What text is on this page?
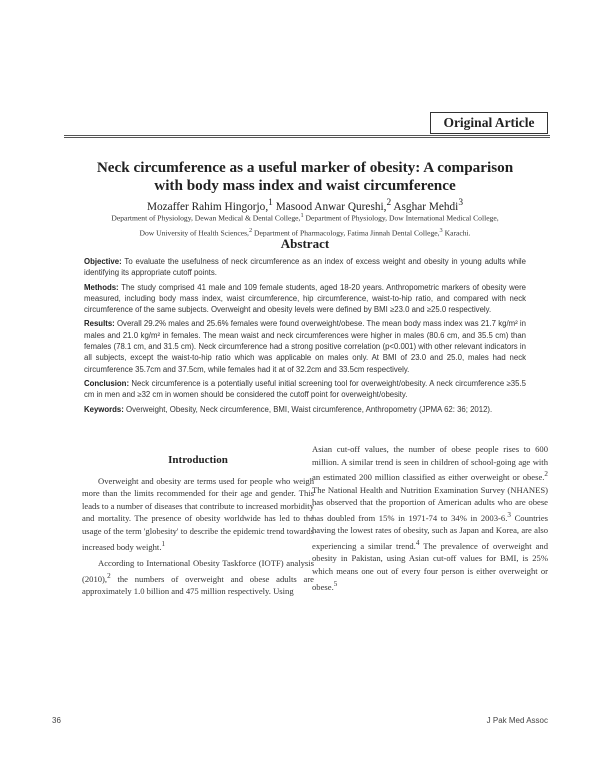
Original Article
Neck circumference as a useful marker of obesity: A comparison
with body mass index and waist circumference
Mozaffer Rahim Hingorjo,$^1$ Masood Anwar Qureshi,$^2$ Asghar Mehdi$^3$
Department of Physiology, Dewan Medical & Dental College,$^1$ Department of Physiology, Dow International Medical College,
Dow University of Health Sciences,$^2$ Department of Pharmacology, Fatima Jinnah Dental College,$^3$ Karachi.
Abstract

Objective: To evaluate the usefulness of neck circumference as an index of excess weight and obesity in young adults while identifying its appropriate cutoff points.

Methods: The study comprised 41 male and 109 female students, aged 18-20 years. Anthropometric markers of obesity were measured, including body mass index, waist circumference, hip circumference, waist-to-hip ratio, and compared with neck circumference of the same subjects. Overweight and obesity levels were defined by BMI ≥23.0 and ≥25.0 respectively.

Results: Overall 29.2% males and 25.6% females were found overweight/obese. The mean body mass index was 21.7 kg/m² in males and 21.0 kg/m² in females. The mean waist and neck circumferences were higher in males (80.6 cm, and 35.5 cm) than females (78.1 cm, and 31.5 cm). Neck circumference had a strong positive correlation (p<0.001) with other relevant indicators in all subjects, except the waist-to-hip ratio which was applicable on males only. At BMI of 23.0 and 25.0, males had neck circumference 35.7cm and 37.5cm, while females had it at of 32.2cm and 33.5cm respectively.

Conclusion: Neck circumference is a potentially useful initial screening tool for overweight/obesity. A neck circumference ≥35.5 cm in men and ≥32 cm in women should be considered the cutoff point for overweight/obesity.

Keywords: Overweight, Obesity, Neck circumference, BMI, Waist circumference, Anthropometry (JPMA 62: 36; 2012).

Introduction

Overweight and obesity are terms used for people who weigh more than the limits recommended for their age and gender. This leads to a number of diseases that contribute to increased morbidity and mortality. The presence of obesity worldwide has led to the usage of the term 'globesity' to describe the epidemic trend towards increased body weight.$^1$

According to International Obesity Taskforce (IOTF) analysis (2010),$^2$ the numbers of overweight and obese adults are approximately 1.0 billion and 475 million respectively. Using

Asian cut-off values, the number of obese people rises to 600 million. A similar trend is seen in children of school-going age with an estimated 200 million classified as either overweight or obese.$^2$ The National Health and Nutrition Examination Survey (NHANES) has observed that the proportion of American adults who are obese has doubled from 15% in 1971-74 to 34% in 2003-6.$^3$ Countries having the lowest rates of obesity, such as Japan and Korea, are also experiencing a similar trend.$^4$ The prevalence of overweight and obesity in Pakistan, using Asian cut-off values for BMI, is 25% which means one out of every four person is either overweight or obese.$^5$

36	J Pak Med Assoc
